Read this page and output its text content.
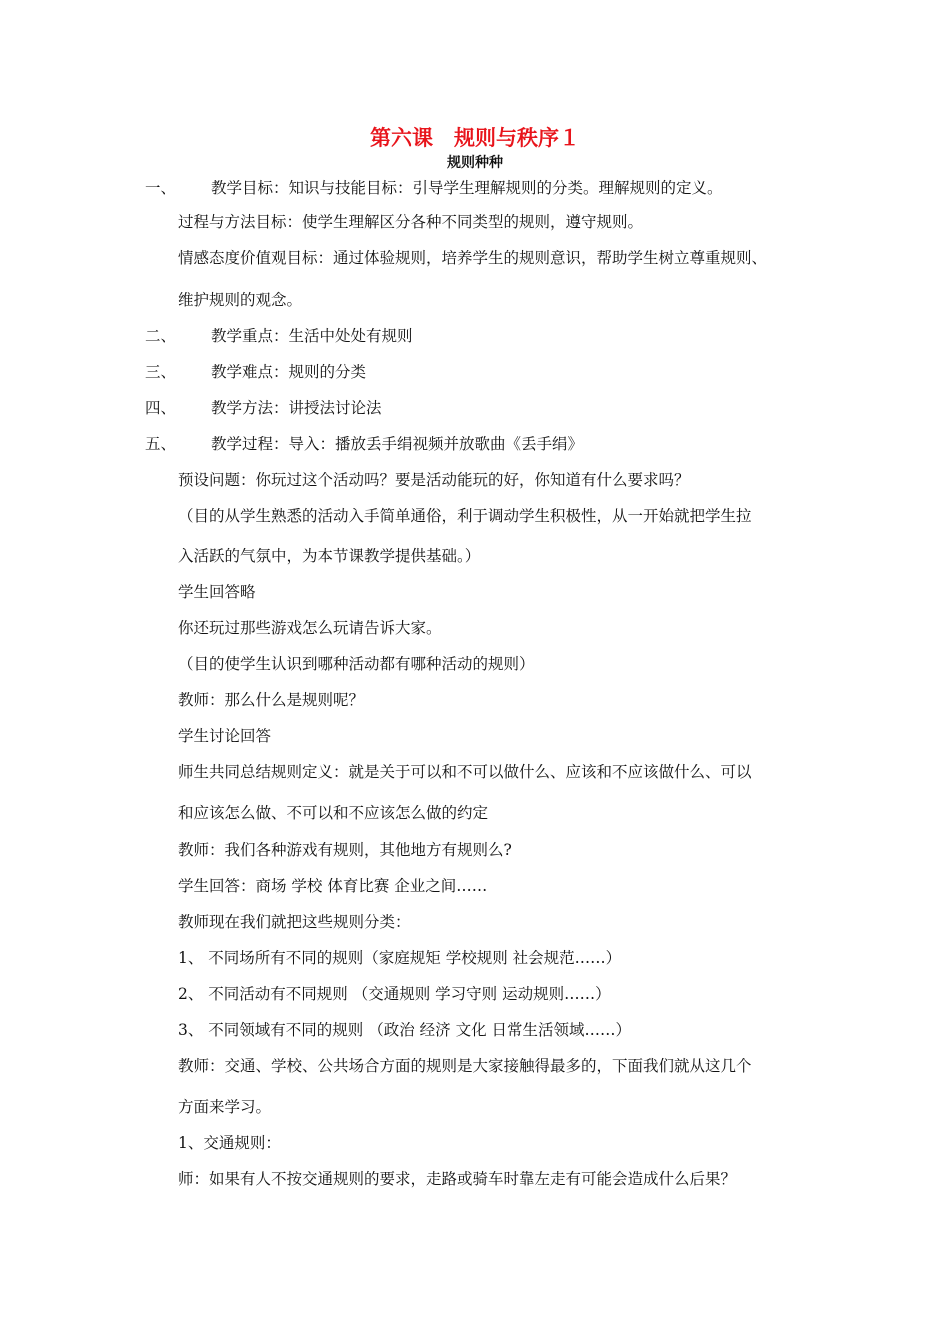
第六课　规则与秩序１
规则种种
一、 教学目标：知识与技能目标：引导学生理解规则的分类。理解规则的定义。
过程与方法目标：使学生理解区分各种不同类型的规则，遵守规则。
情感态度价值观目标：通过体验规则，培养学生的规则意识，帮助学生树立尊重规则、
维护规则的观念。
二、 教学重点：生活中处处有规则
三、 教学难点：规则的分类
四、 教学方法：讲授法讨论法
五、 教学过程：导入：播放丢手绢视频并放歌曲《丢手绢》
预设问题：你玩过这个活动吗？要是活动能玩的好，你知道有什么要求吗？
（目的从学生熟悉的活动入手简单通俗，利于调动学生积极性，从一开始就把学生拉
入活跃的气氛中，为本节课教学提供基础。）
学生回答略
你还玩过那些游戏怎么玩请告诉大家。
（目的使学生认识到哪种活动都有哪种活动的规则）
教师：那么什么是规则呢？
学生讨论回答
师生共同总结规则定义：就是关于可以和不可以做什么、应该和不应该做什么、可以
和应该怎么做、不可以和不应该怎么做的约定
教师：我们各种游戏有规则，其他地方有规则么?
学生回答：商场 学校 体育比赛 企业之间……
教师现在我们就把这些规则分类：
1、 不同场所有不同的规则（家庭规矩 学校规则 社会规范……）
2、 不同活动有不同规则 （交通规则 学习守则 运动规则……）
3、 不同领域有不同的规则 （政治 经济 文化 日常生活领域……）
教师：交通、学校、公共场合方面的规则是大家接触得最多的，下面我们就从这几个
方面来学习。
1、交通规则：
师：如果有人不按交通规则的要求，走路或骑车时靠左走有可能会造成什么后果？
